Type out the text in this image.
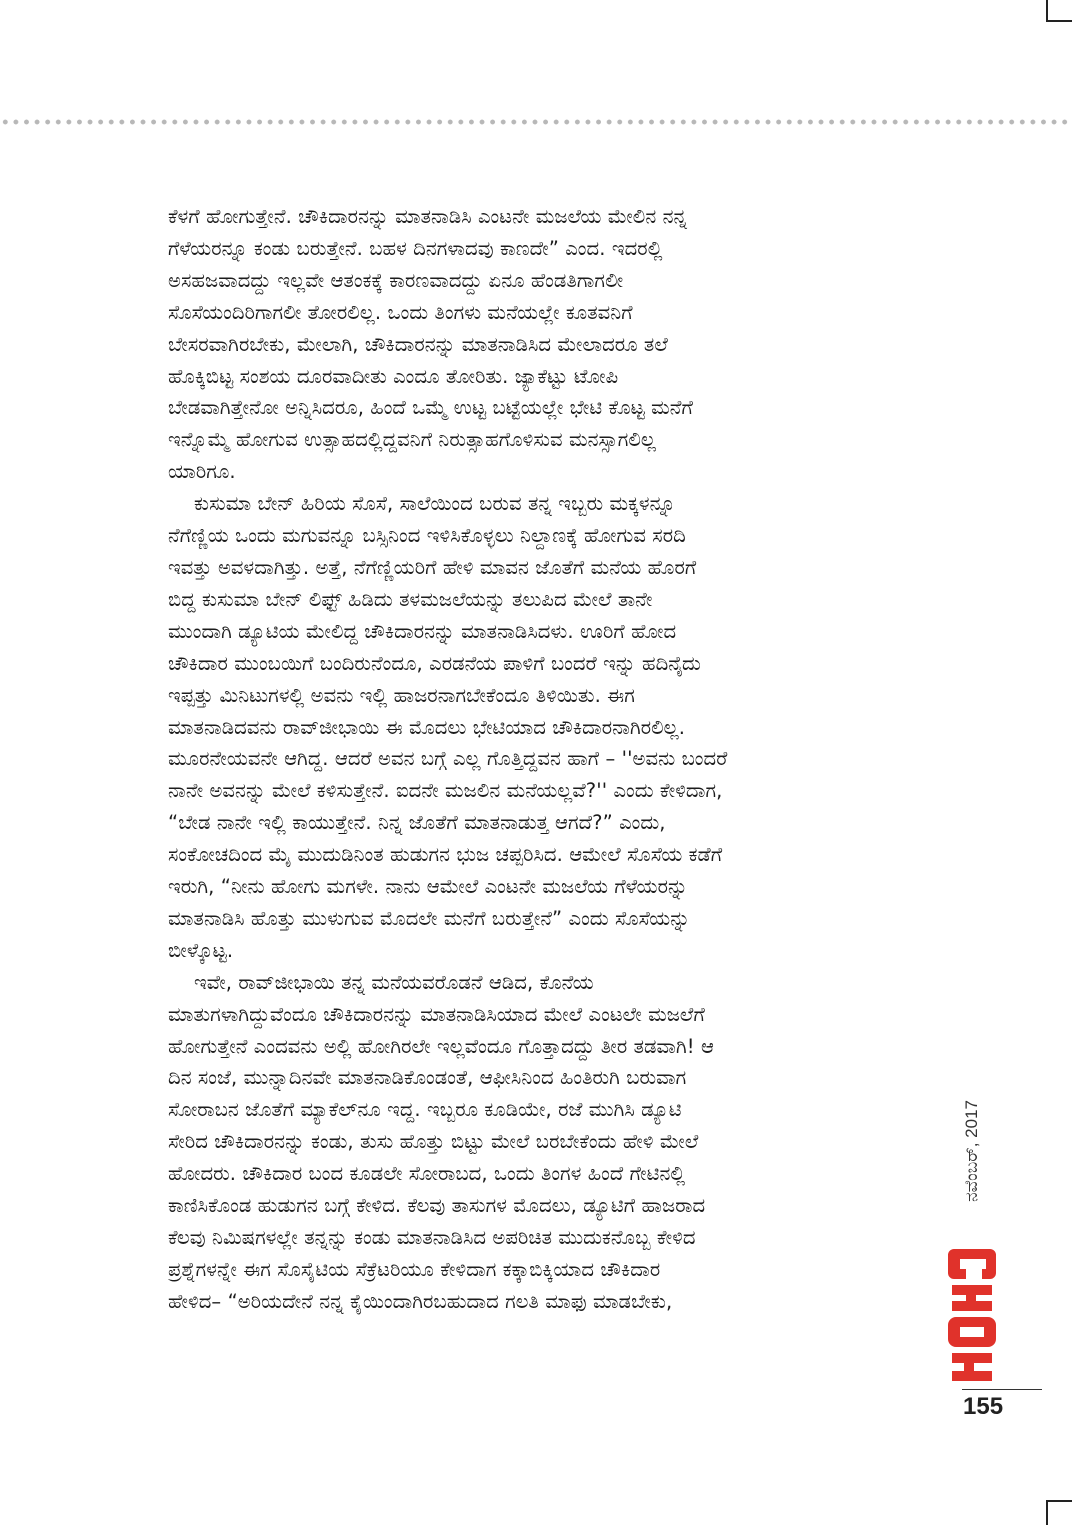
ಕೆಳಗೆ ಹೋಗುತ್ತೇನೆ. ಚೌಕಿದಾರನನ್ನು ಮಾತನಾಡಿಸಿ ಎಂಟನೇ ಮಜಲೆಯ ಮೇಲಿನ ನನ್ನ
ಗೆಳೆಯರನ್ನೂ ಕಂಡು ಬರುತ್ತೇನೆ. ಬಹಳ ದಿನಗಳಾದವು ಕಾಣದೇ” ಎಂದ. ಇದರಲ್ಲಿ
ಅಸಹಜವಾದದ್ದು ಇಲ್ಲವೇ ಆತಂಕಕ್ಕೆ ಕಾರಣವಾದದ್ದು ಏನೂ ಹೆಂಡತಿಗಾಗಲೀ
ಸೊಸೆಯಂದಿರಿಗಾಗಲೀ ತೋರಲಿಲ್ಲ. ಒಂದು ತಿಂಗಳು ಮನೆಯಲ್ಲೇ ಕೂತವನಿಗೆ
ಬೇಸರವಾಗಿರಬೇಕು, ಮೇಲಾಗಿ, ಚೌಕಿದಾರನನ್ನು ಮಾತನಾಡಿಸಿದ ಮೇಲಾದರೂ ತಲೆ
ಹೊಕ್ಕಿಬಿಟ್ಟ ಸಂಶಯ ದೂರವಾದೀತು ಎಂದೂ ತೋರಿತು. ಜ್ಯಾಕೆಟ್ಟು ಟೋಪಿ
ಬೇಡವಾಗಿತ್ತೇನೋ ಅನ್ನಿಸಿದರೂ, ಹಿಂದೆ ಒಮ್ಮೆ ಉಟ್ಟ ಬಟ್ಟೆಯಲ್ಲೇ ಭೇಟಿ ಕೊಟ್ಟ ಮನೆಗೆ
ಇನ್ನೊಮ್ಮೆ ಹೋಗುವ ಉತ್ಸಾಹದಲ್ಲಿದ್ದವನಿಗೆ ನಿರುತ್ಸಾಹಗೊಳಿಸುವ ಮನಸ್ಸಾಗಲಿಲ್ಲ
ಯಾರಿಗೂ.

ಕುಸುಮಾ ಬೇನ್ ಹಿರಿಯ ಸೊಸೆ, ಸಾಲೆಯಿಂದ ಬರುವ ತನ್ನ ಇಬ್ಬರು ಮಕ್ಕಳನ್ನೂ
ನೆಗೆಣ್ಣಿಯ ಒಂದು ಮಗುವನ್ನೂ ಬಸ್ಸಿನಿಂದ ಇಳಿಸಿಕೊಳ್ಳಲು ನಿಲ್ದಾಣಕ್ಕೆ ಹೋಗುವ ಸರದಿ
ಇವತ್ತು ಅವಳದಾಗಿತ್ತು. ಅತ್ತೆ, ನೆಗೆಣ್ಣಿಯರಿಗೆ ಹೇಳಿ ಮಾವನ ಜೊತೆಗೆ ಮನೆಯ ಹೊರಗೆ
ಬಿದ್ದ ಕುಸುಮಾ ಬೇನ್ ಲಿಫ್ಟ್ ಹಿಡಿದು ತಳಮಜಲೆಯನ್ನು ತಲುಪಿದ ಮೇಲೆ ತಾನೇ
ಮುಂದಾಗಿ ಡ್ಯೂಟಿಯ ಮೇಲಿದ್ದ ಚೌಕಿದಾರನನ್ನು ಮಾತನಾಡಿಸಿದಳು. ಊರಿಗೆ ಹೋದ
ಚೌಕಿದಾರ ಮುಂಬಯಿಗೆ ಬಂದಿರುನೆಂದೂ, ಎರಡನೆಯ ಪಾಳಿಗೆ ಬಂದರೆ ಇನ್ನು ಹದಿನೈದು
ಇಪ್ಪತ್ತು ಮಿನಿಟುಗಳಲ್ಲಿ ಅವನು ಇಲ್ಲಿ ಹಾಜರನಾಗಬೇಕೆಂದೂ ತಿಳಿಯಿತು. ಈಗ
ಮಾತನಾಡಿದವನು ರಾವ್‌ಜೀಭಾಯಿ ಈ ಮೊದಲು ಭೇಟಿಯಾದ ಚೌಕಿದಾರನಾಗಿರಲಿಲ್ಲ.
ಮೂರನೇಯವನೇ ಆಗಿದ್ದ. ಆದರೆ ಅವನ ಬಗ್ಗೆ ಎಲ್ಲ ಗೊತ್ತಿದ್ದವನ ಹಾಗೆ – ''ಅವನು ಬಂದರೆ
ನಾನೇ ಅವನನ್ನು ಮೇಲೆ ಕಳಿಸುತ್ತೇನೆ. ಐದನೇ ಮಜಲಿನ ಮನೆಯಲ್ಲವೆ?'' ಎಂದು ಕೇಳಿದಾಗ,
“ಬೇಡ ನಾನೇ ಇಲ್ಲಿ ಕಾಯುತ್ತೇನೆ. ನಿನ್ನ ಜೊತೆಗೆ ಮಾತನಾಡುತ್ತ ಆಗದೆ?” ಎಂದು,
ಸಂಕೋಚದಿಂದ ಮೈ ಮುದುಡಿನಿಂತ ಹುಡುಗನ ಭುಜ ಚಪ್ಪರಿಸಿದ. ಆಮೇಲೆ ಸೊಸೆಯ ಕಡೆಗೆ
ಇರುಗಿ, “ನೀನು ಹೋಗು ಮಗಳೇ. ನಾನು ಆಮೇಲೆ ಎಂಟನೇ ಮಜಲೆಯ ಗೆಳೆಯರನ್ನು
ಮಾತನಾಡಿಸಿ ಹೊತ್ತು ಮುಳುಗುವ ಮೊದಲೇ ಮನೆಗೆ ಬರುತ್ತೇನೆ” ಎಂದು ಸೊಸೆಯನ್ನು
ಬೀಳ್ಕೊಟ್ಟ.

ಇವೇ, ರಾವ್‌ಜೀಭಾಯಿ ತನ್ನ ಮನೆಯವರೊಡನೆ ಆಡಿದ, ಕೊನೆಯ
ಮಾತುಗಳಾಗಿದ್ದುವೆಂದೂ ಚೌಕಿದಾರನನ್ನು ಮಾತನಾಡಿಸಿಯಾದ ಮೇಲೆ ಎಂಟಲೇ ಮಜಲೆಗೆ
ಹೋಗುತ್ತೇನೆ ಎಂದವನು ಅಲ್ಲಿ ಹೋಗಿರಲೇ ಇಲ್ಲವೆಂದೂ ಗೊತ್ತಾದದ್ದು ತೀರ ತಡವಾಗಿ! ಆ
ದಿನ ಸಂಜೆ, ಮುನ್ನಾದಿನವೇ ಮಾತನಾಡಿಕೊಂಡಂತೆ, ಆಫೀಸಿನಿಂದ ಹಿಂತಿರುಗಿ ಬರುವಾಗ
ಸೋರಾಬನ ಜೊತೆಗೆ ಮ್ಯಾಕೆಲ್‌ನೂ ಇದ್ದ. ಇಬ್ಬರೂ ಕೂಡಿಯೇ, ರಜೆ ಮುಗಿಸಿ ಡ್ಯೂಟಿ
ಸೇರಿದ ಚೌಕಿದಾರನನ್ನು ಕಂಡು, ತುಸು ಹೊತ್ತು ಬಿಟ್ಟು ಮೇಲೆ ಬರಬೇಕೆಂದು ಹೇಳಿ ಮೇಲೆ
ಹೋದರು. ಚೌಕಿದಾರ ಬಂದ ಕೂಡಲೇ ಸೋರಾಬದ, ಒಂದು ತಿಂಗಳ ಹಿಂದೆ ಗೇಟಿನಲ್ಲಿ
ಕಾಣಿಸಿಕೊಂಡ ಹುಡುಗನ ಬಗ್ಗೆ ಕೇಳಿದ. ಕೆಲವು ತಾಸುಗಳ ಮೊದಲು, ಡ್ಯೂಟಿಗೆ ಹಾಜರಾದ
ಕೆಲವು ನಿಮಿಷಗಳಲ್ಲೇ ತನ್ನನ್ನು ಕಂಡು ಮಾತನಾಡಿಸಿದ ಅಪರಿಚಿತ ಮುದುಕನೊಬ್ಬ ಕೇಳಿದ
ಪ್ರಶ್ನೆಗಳನ್ನೇ ಈಗ ಸೊಸೈಟಿಯ ಸೆಕ್ರೆಟರಿಯೂ ಕೇಳಿದಾಗ ಕಕ್ಕಾಬಿಕ್ಕಿಯಾದ ಚೌಕಿದಾರ
ಹೇಳಿದ– “ಅರಿಯದೇನೆ ನನ್ನ ಕೈಯಿಂದಾಗಿರಬಹುದಾದ ಗಲತಿ ಮಾಫು ಮಾಡಬೇಕು,

ನವೆಂಬರ್, 2017
155
